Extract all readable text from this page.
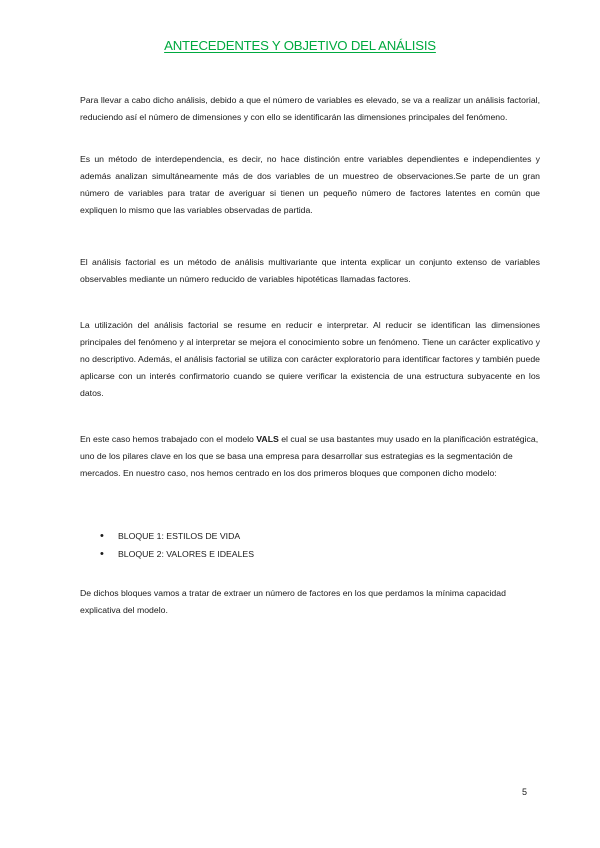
ANTECEDENTES Y OBJETIVO DEL ANÁLISIS

Para llevar a cabo dicho análisis, debido a que el número de variables es elevado, se va a realizar un análisis factorial, reduciendo así el número de dimensiones y con ello se identificarán las dimensiones principales del fenómeno.

Es un método de interdependencia, es decir, no hace distinción entre variables dependientes e independientes y además analizan simultáneamente más de dos variables de un muestreo de observaciones.Se parte de un gran número de variables para tratar de averiguar si tienen un pequeño número de factores latentes en común que expliquen lo mismo que las variables observadas de partida.

El análisis factorial es un método de análisis multivariante que intenta explicar un conjunto extenso de variables observables mediante un número reducido de variables hipotéticas llamadas factores.

La utilización del análisis factorial se resume en reducir e interpretar. Al reducir se identifican las dimensiones principales del fenómeno y al interpretar se mejora el conocimiento sobre un fenómeno. Tiene un carácter explicativo y no descriptivo. Además, el análisis factorial se utiliza con carácter exploratorio para identificar factores y también puede aplicarse con un interés confirmatorio cuando se quiere verificar la existencia de una estructura subyacente en los datos.

En este caso hemos trabajado con el modelo VALS el cual se usa bastantes muy usado en la planificación estratégica, uno de los pilares clave en los que se basa una empresa para desarrollar sus estrategias es la segmentación de mercados. En nuestro caso, nos hemos centrado en los dos primeros bloques que componen dicho modelo:

• BLOQUE 1: ESTILOS DE VIDA
• BLOQUE 2: VALORES E IDEALES

De dichos bloques vamos a tratar de extraer un número de factores en los que perdamos la mínima capacidad explicativa del modelo.

5
